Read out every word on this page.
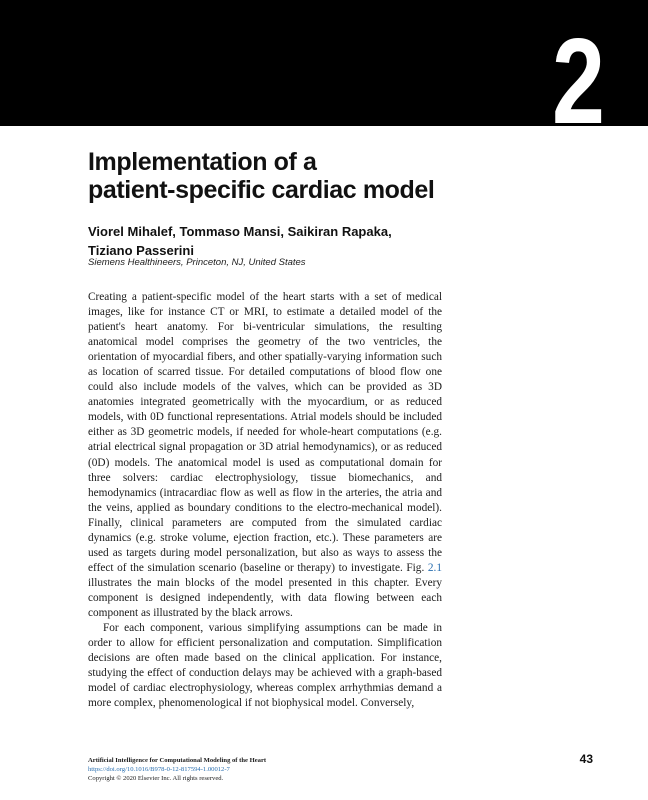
2
Implementation of a
patient-specific cardiac model
Viorel Mihalef, Tommaso Mansi, Saikiran Rapaka,
Tiziano Passerini
Siemens Healthineers, Princeton, NJ, United States

Creating a patient-specific model of the heart starts with a set of medical images, like for instance CT or MRI, to estimate a detailed model of the patient's heart anatomy. For bi-ventricular simulations, the resulting anatomical model comprises the geometry of the two ventricles, the orientation of myocardial fibers, and other spatially-varying information such as location of scarred tissue. For detailed computations of blood flow one could also include models of the valves, which can be provided as 3D anatomies integrated geometrically with the myocardium, or as reduced models, with 0D functional representations. Atrial models should be included either as 3D geometric models, if needed for whole-heart computations (e.g. atrial electrical signal propagation or 3D atrial hemodynamics), or as reduced (0D) models. The anatomical model is used as computational domain for three solvers: cardiac electrophysiology, tissue biomechanics, and hemodynamics (intracardiac flow as well as flow in the arteries, the atria and the veins, applied as boundary conditions to the electro-mechanical model). Finally, clinical parameters are computed from the simulated cardiac dynamics (e.g. stroke volume, ejection fraction, etc.). These parameters are used as targets during model personalization, but also as ways to assess the effect of the simulation scenario (baseline or therapy) to investigate. Fig. 2.1 illustrates the main blocks of the model presented in this chapter. Every component is designed independently, with data flowing between each component as illustrated by the black arrows.

For each component, various simplifying assumptions can be made in order to allow for efficient personalization and computation. Simplification decisions are often made based on the clinical application. For instance, studying the effect of conduction delays may be achieved with a graph-based model of cardiac electrophysiology, whereas complex arrhythmias demand a more complex, phenomenological if not biophysical model. Conversely,

Artificial Intelligence for Computational Modeling of the Heart
https://doi.org/10.1016/B978-0-12-817594-1.00012-7
Copyright © 2020 Elsevier Inc. All rights reserved.
43
